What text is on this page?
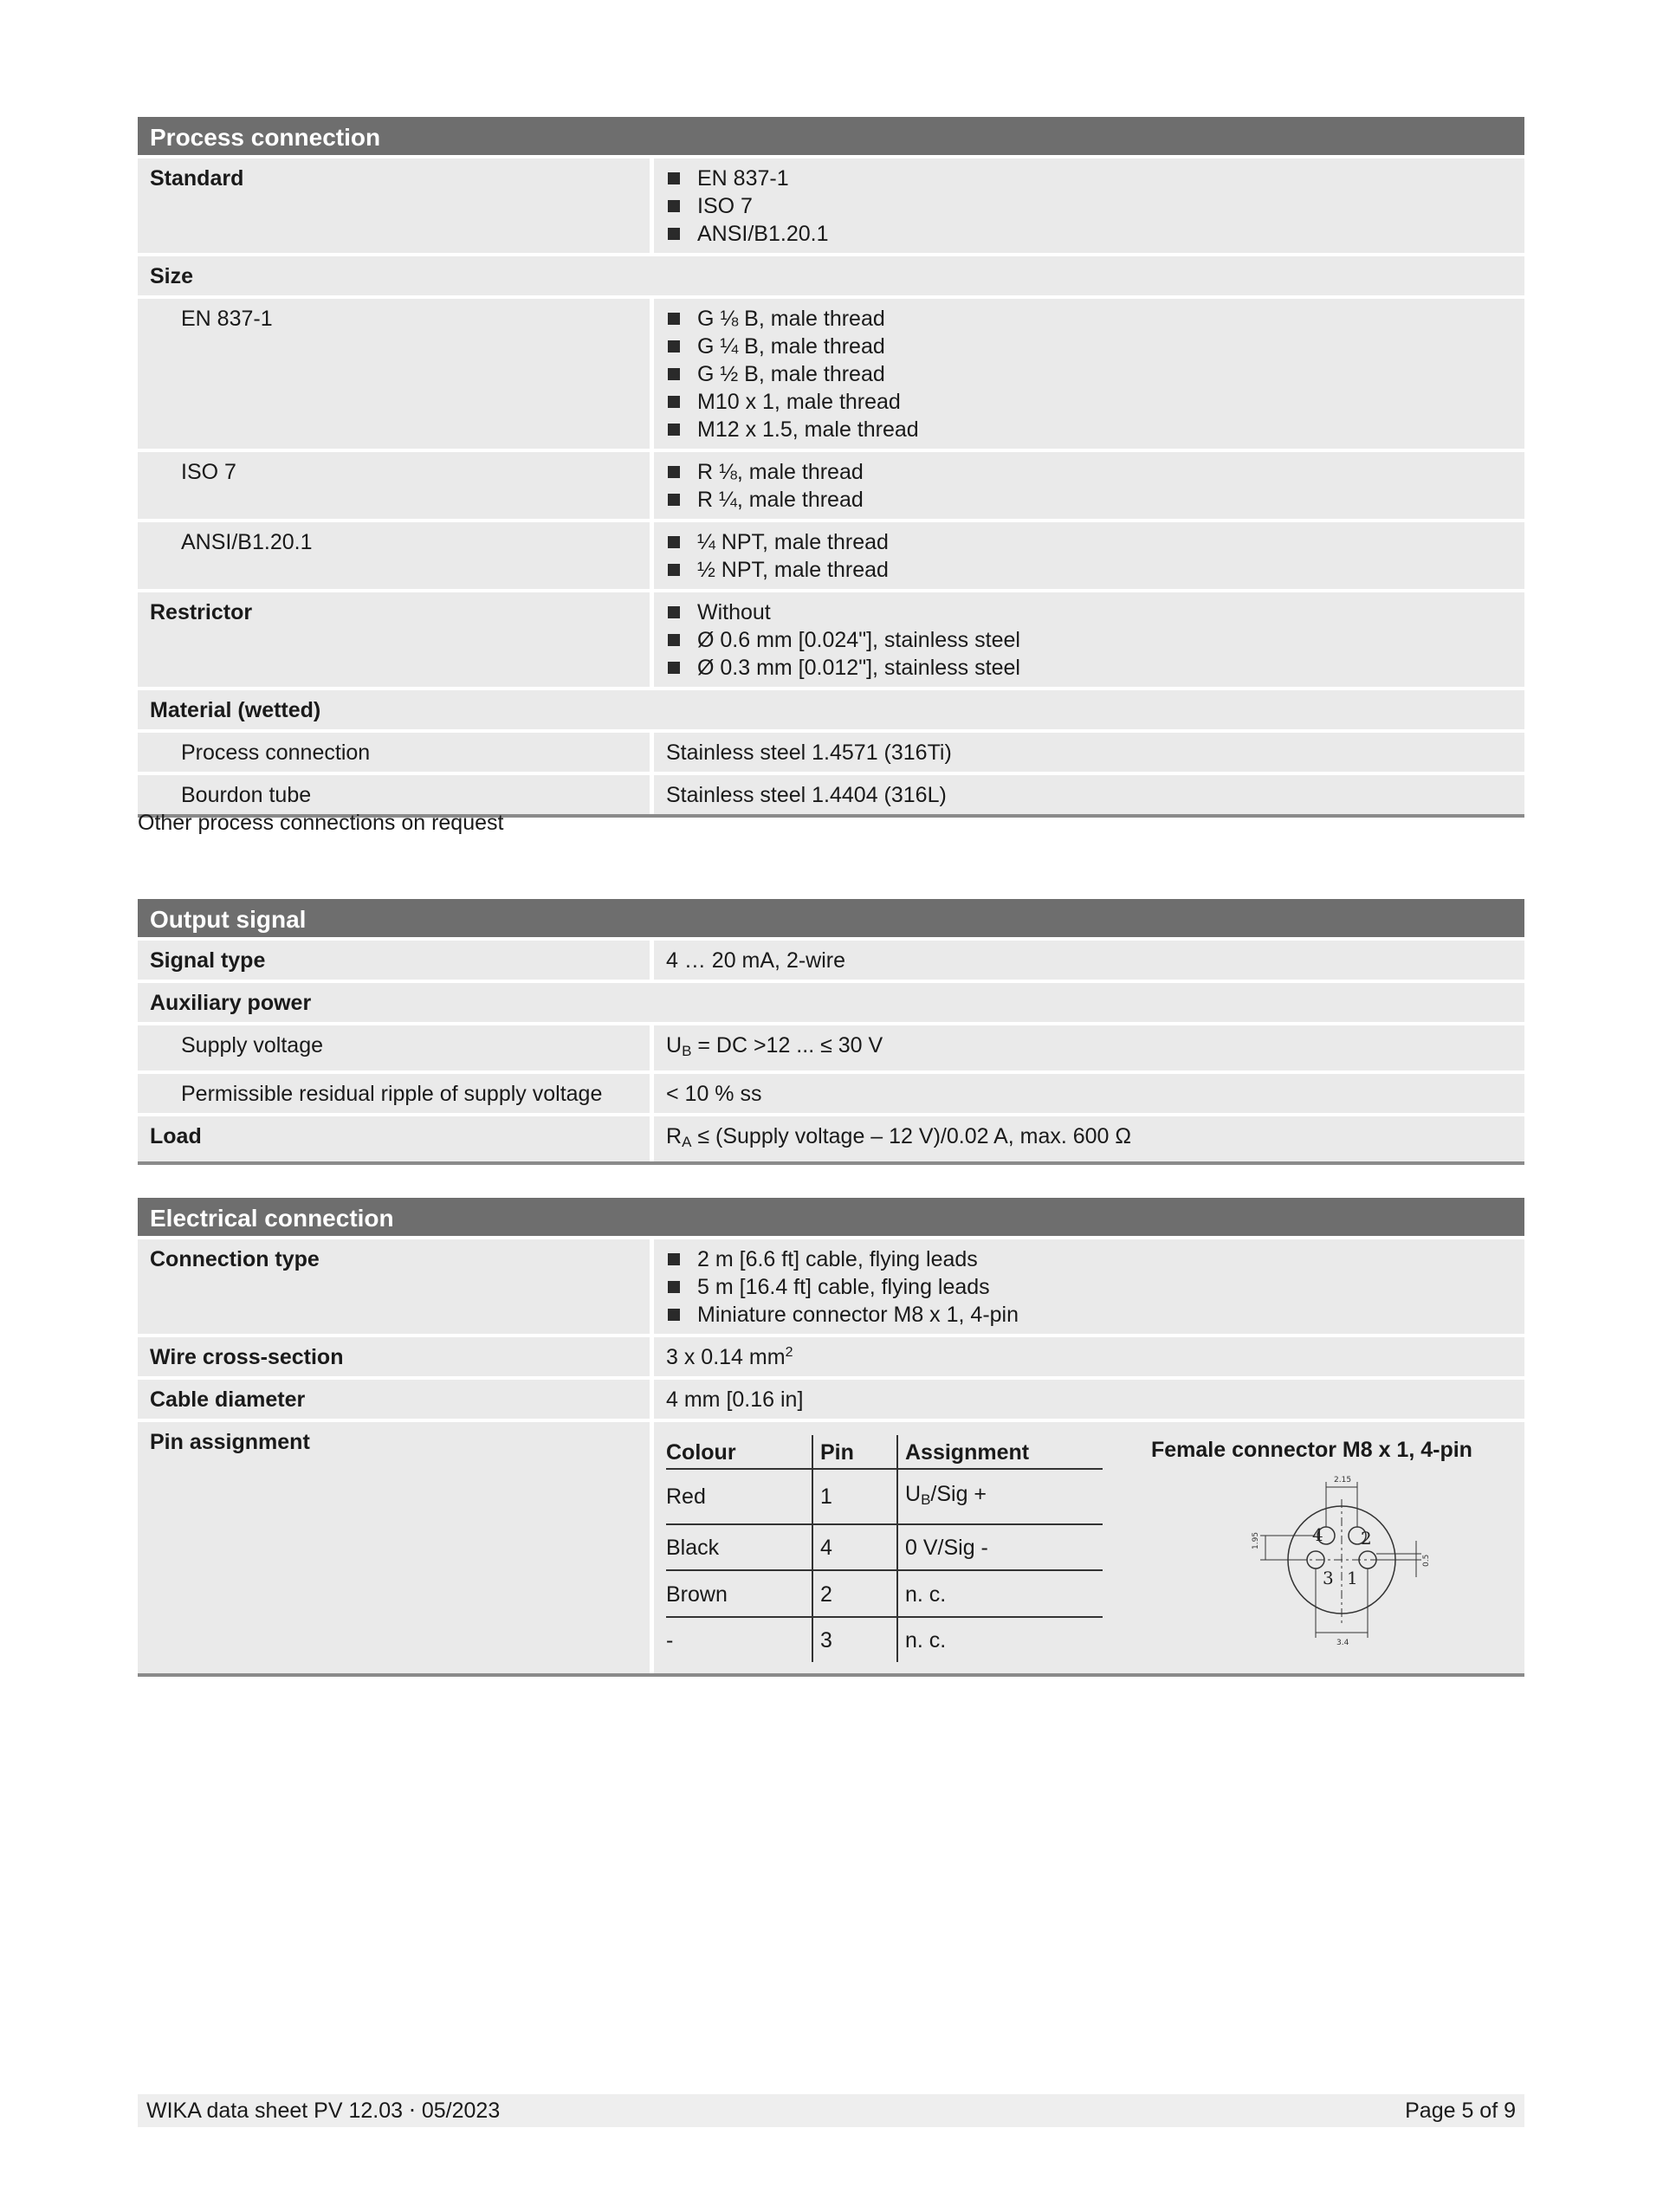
Process connection
Standard	EN 837-1
ISO 7
ANSI/B1.20.1
Size
EN 837-1	G ⅛ B, male thread
G ¼ B, male thread
G ½ B, male thread
M10 x 1, male thread
M12 x 1.5, male thread
ISO 7	R ⅛, male thread
R ¼, male thread
ANSI/B1.20.1	¼ NPT, male thread
½ NPT, male thread
Restrictor	Without
Ø 0.6 mm [0.024"], stainless steel
Ø 0.3 mm [0.012"], stainless steel
Material (wetted)
Process connection	Stainless steel 1.4571 (316Ti)
Bourdon tube	Stainless steel 1.4404 (316L)
Other process connections on request
Output signal
Signal type	4 … 20 mA, 2-wire
Auxiliary power
Supply voltage	$U_B$ = DC >12 ... ≤ 30 V
Permissible residual ripple of supply voltage	< 10 % ss
Load	$R_A$ ≤ (Supply voltage – 12 V)/0.02 A, max. 600 Ω
Electrical connection
Connection type	2 m [6.6 ft] cable, flying leads
5 m [16.4 ft] cable, flying leads
Miniature connector M8 x 1, 4-pin
Wire cross-section	3 x 0.14 $mm^2$
Cable diameter	4 mm [0.16 in]
Pin assignment	Colour	Pin	Assignment
Red	1	$U_B$/Sig +
Black	4	0 V/Sig -
Brown	2	n. c.
-	3	n. c.
Female connector M8 x 1, 4-pin
2.15
1.95
0.5
3.4
4 2
3 1
WIKA data sheet PV 12.03 ⋅ 05/2023	Page 5 of 9
